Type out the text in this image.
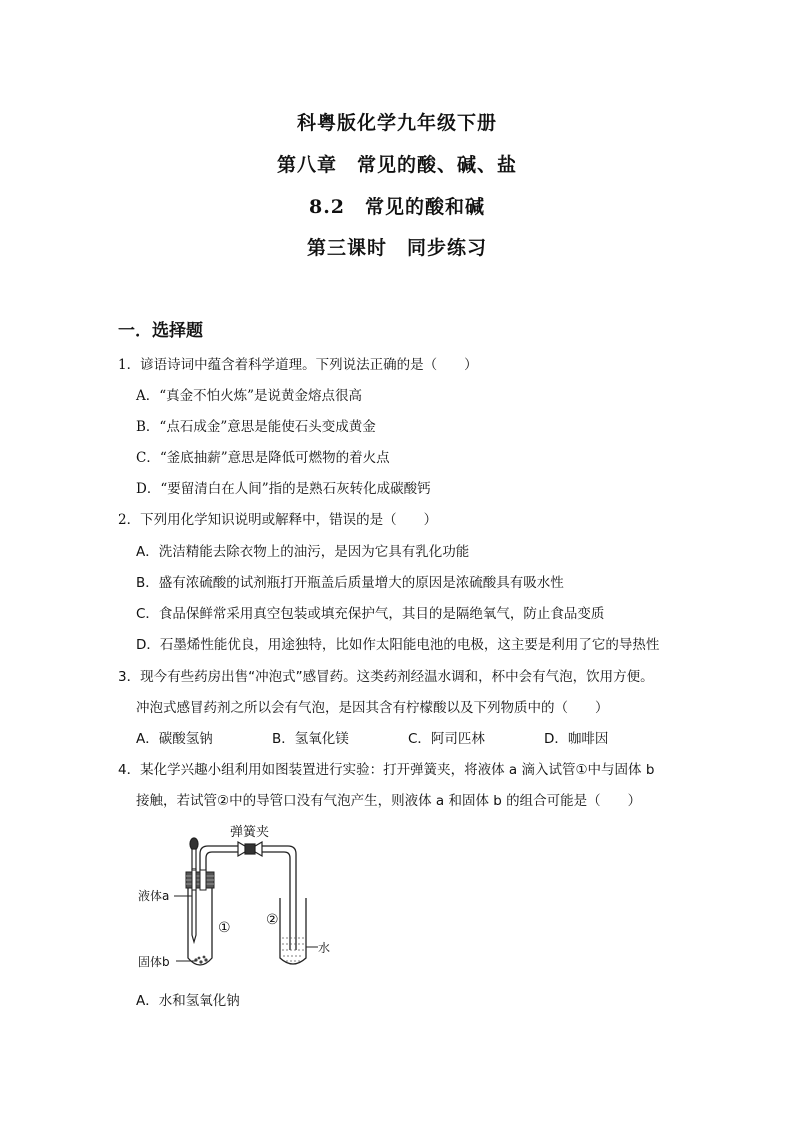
科粤版化学九年级下册
第八章　常见的酸、碱、盐
8.2　常见的酸和碱
第三课时　同步练习
一．选择题
1．谚语诗词中蕴含着科学道理。下列说法正确的是（　　）
A．“真金不怕火炼”是说黄金熔点很高
B．“点石成金”意思是能使石头变成黄金
C．“釜底抽薪”意思是降低可燃物的着火点
D．“要留清白在人间”指的是熟石灰转化成碳酸钙
2．下列用化学知识说明或解释中，错误的是（　　）
A．洗洁精能去除衣物上的油污，是因为它具有乳化功能
B．盛有浓硫酸的试剂瓶打开瓶盖后质量增大的原因是浓硫酸具有吸水性
C．食品保鲜常采用真空包装或填充保护气，其目的是隔绝氧气，防止食品变质
D．石墨烯性能优良，用途独特，比如作太阳能电池的电极，这主要是利用了它的导热性
3．现今有些药房出售“冲泡式”感冒药。这类药剂经温水调和，杯中会有气泡，饮用方便。
冲泡式感冒药剂之所以会有气泡，是因其含有柠檬酸以及下列物质中的（　　）
A．碳酸氢钠	B．氢氧化镁	C．阿司匹林	D．咖啡因
4．某化学兴趣小组利用如图装置进行实验：打开弹簧夹，将液体 a 滴入试管①中与固体 b
接触，若试管②中的导管口没有气泡产生，则液体 a 和固体 b 的组合可能是（　　）
弹簧夹
①
液体a
固体b
②
水
A．水和氢氧化钠
